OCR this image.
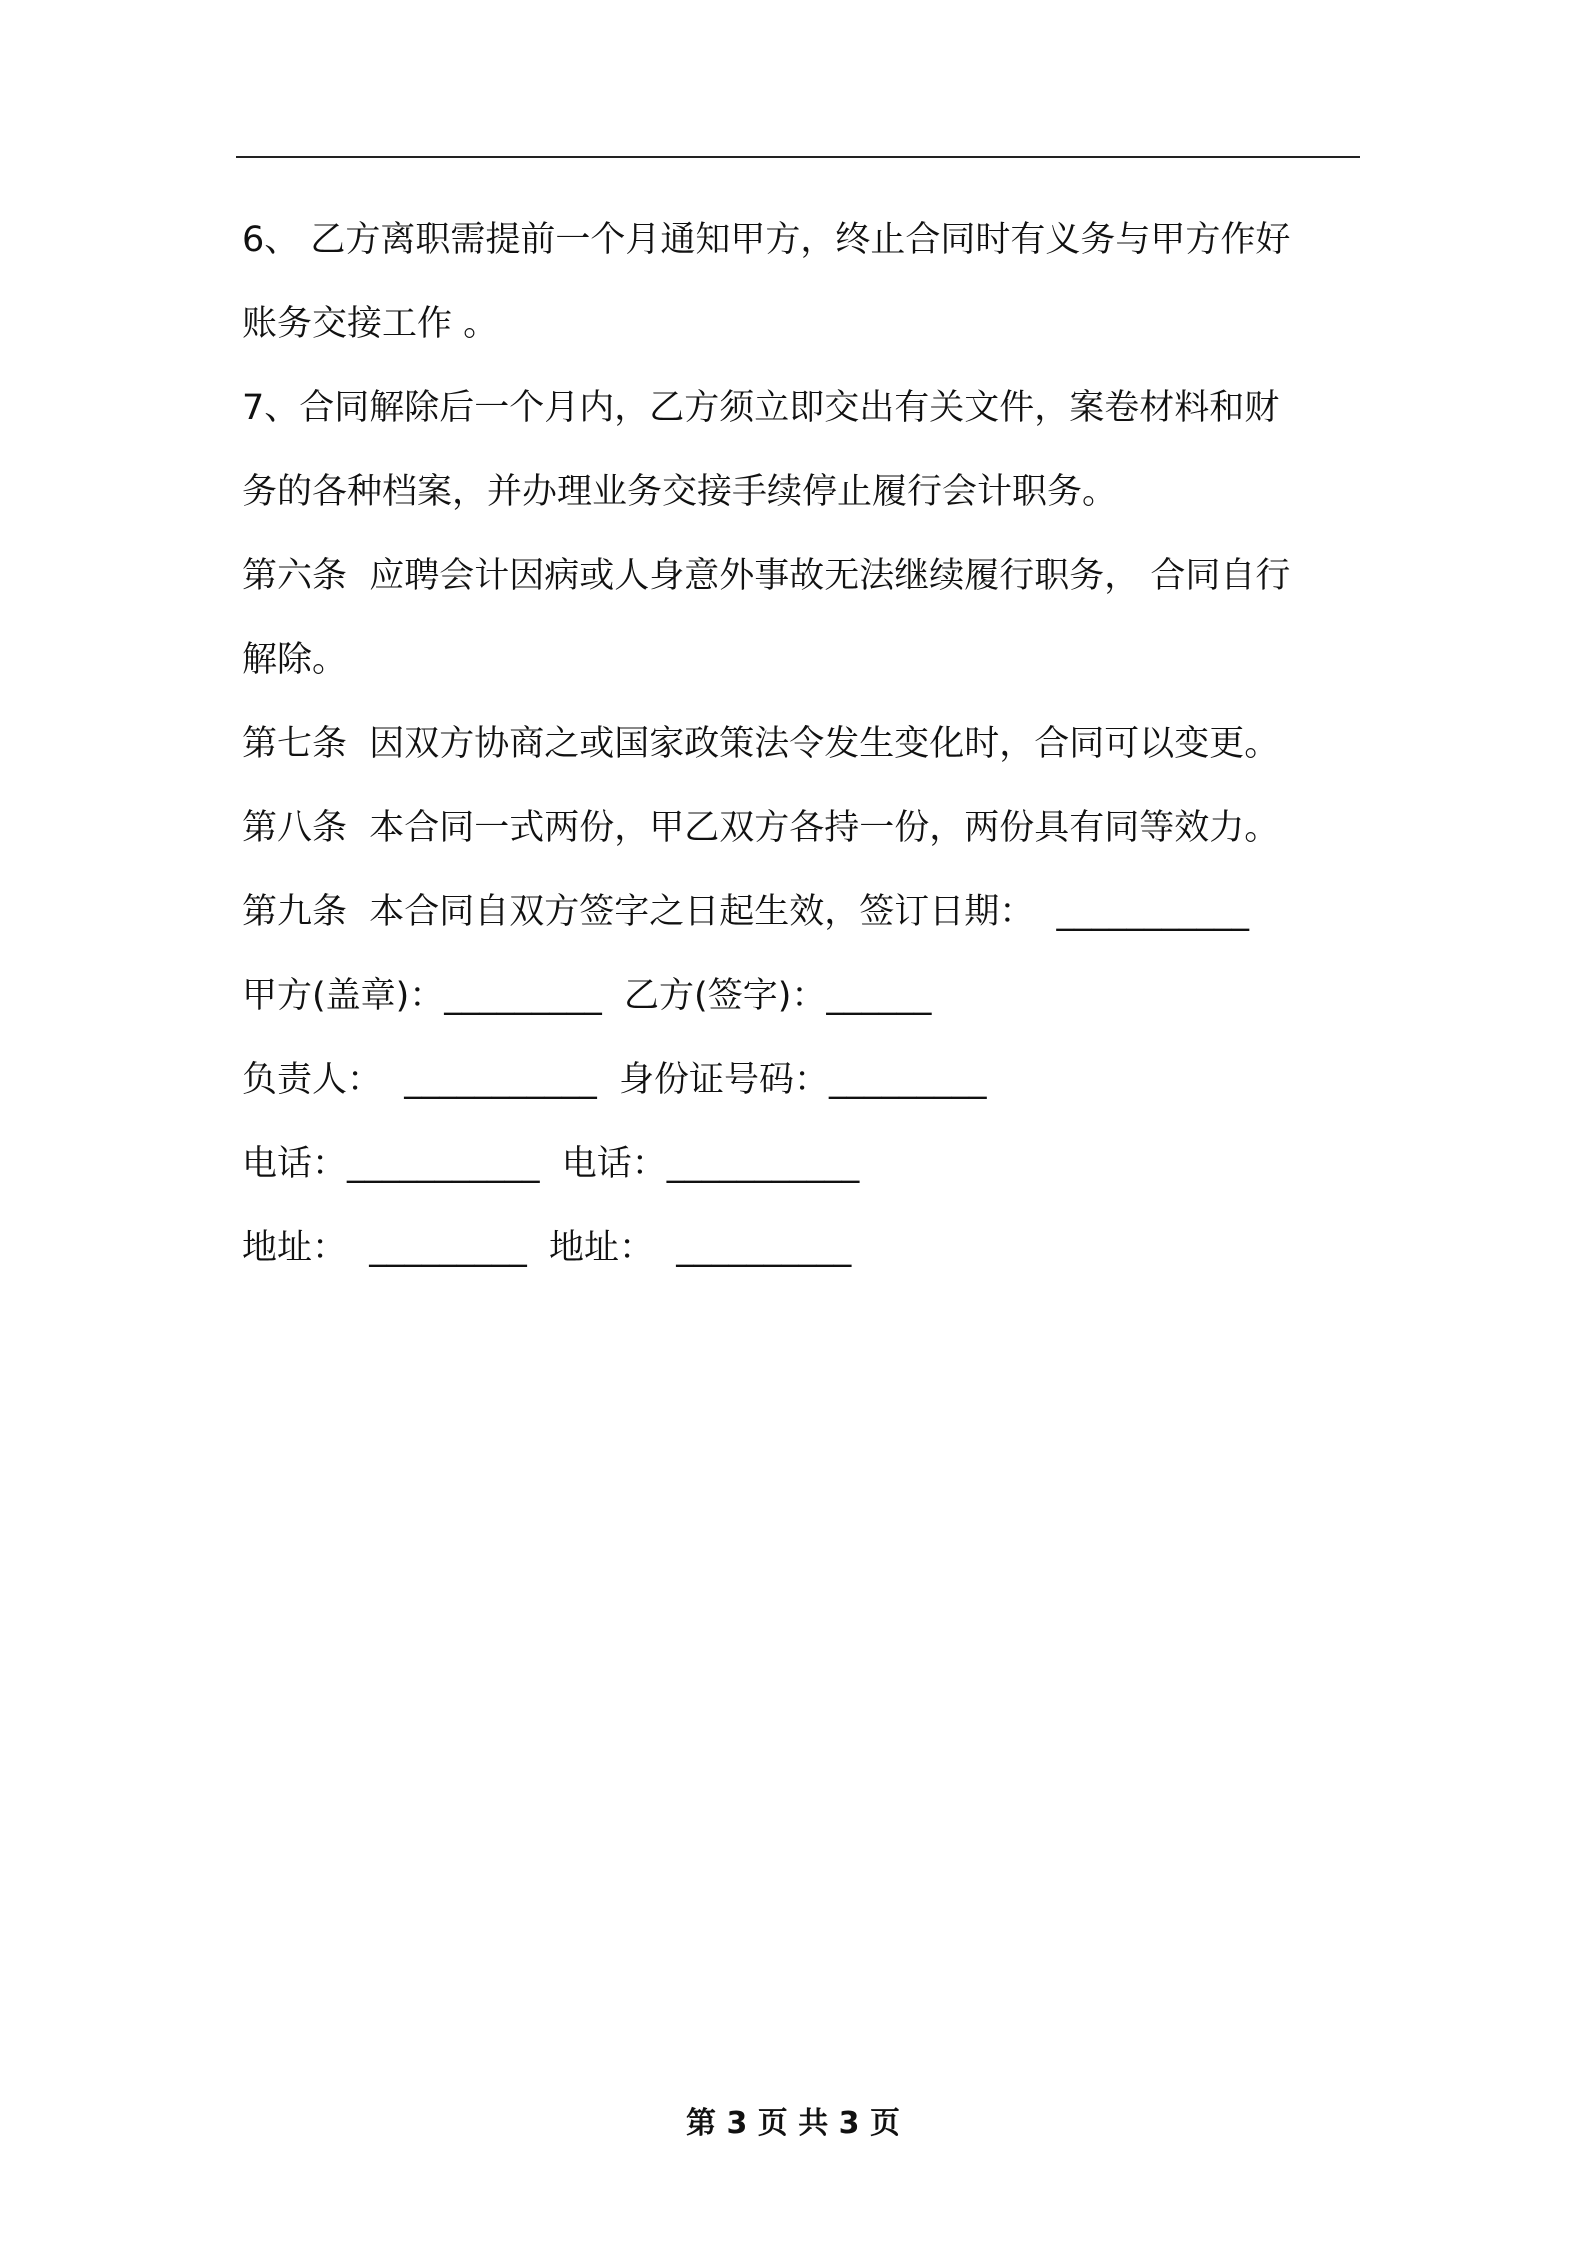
6、 乙方离职需提前一个月通知甲方，终止合同时有义务与甲方作好
账务交接工作 。
7、合同解除后一个月内，乙方须立即交出有关文件，案卷材料和财
务的各种档案，并办理业务交接手续停止履行会计职务。
第六条  应聘会计因病或人身意外事故无法继续履行职务， 合同自行
解除。
第七条  因双方协商之或国家政策法令发生变化时，合同可以变更。
第八条  本合同一式两份，甲乙双方各持一份，两份具有同等效力。
第九条  本合同自双方签字之日起生效，签订日期：  ___________
甲方(盖章)：_________  乙方(签字)：______
负责人：  ___________  身份证号码：_________
电话：___________  电话：___________
地址：  _________  地址：  __________
第 3 页 共 3 页
